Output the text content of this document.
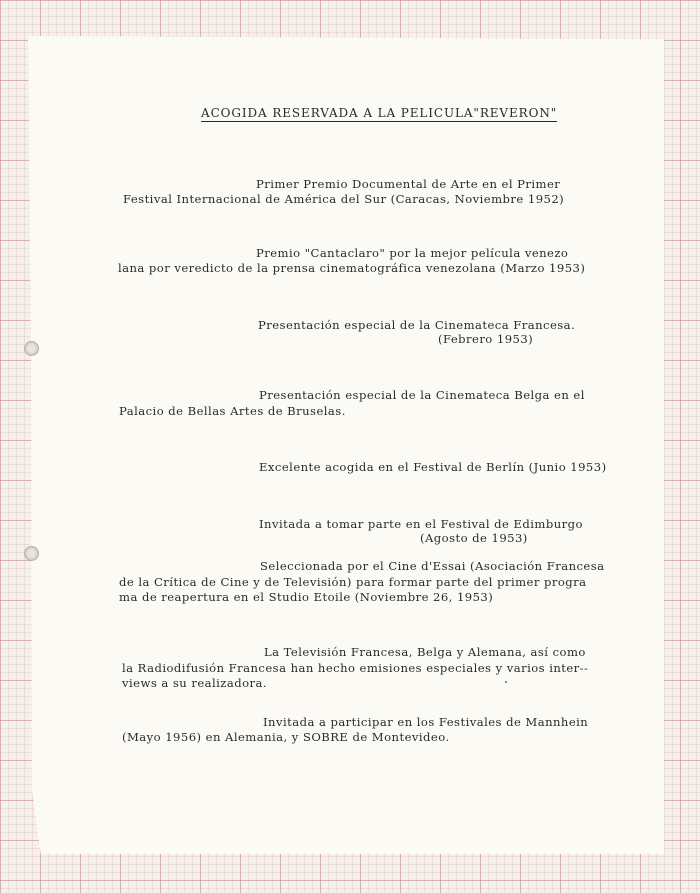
ACOGIDA RESERVADA A LA PELICULA"REVERON"

Primer Premio Documental de Arte en el Primer

Festival Internacional de América del Sur (Caracas, Noviembre 1952)

Premio "Cantaclaro" por la mejor película venezo

lana por veredicto de la prensa cinematográfica venezolana (Marzo 1953)

Presentación especial de la Cinemateca Francesa.

(Febrero 1953)

Presentación especial de la Cinemateca Belga en el

Palacio de Bellas Artes de Bruselas.

Excelente acogida en el Festival de Berlín (Junio 1953)

Invitada a tomar parte en el Festival de Edimburgo

(Agosto de 1953)

Seleccionada por el Cine d'Essai (Asociación Francesa

de la Crítica de Cine y de Televisión) para formar parte del primer progra

ma de reapertura en el Studio Etoile (Noviembre 26, 1953)

La Televisión Francesa, Belga y Alemana, así como

la Radiodifusión Francesa han hecho emisiones especiales y varios inter--

views a su realizadora.

Invitada a participar en los Festivales de Mannhein

(Mayo 1956) en Alemania, y SOBRE de Montevideo.
